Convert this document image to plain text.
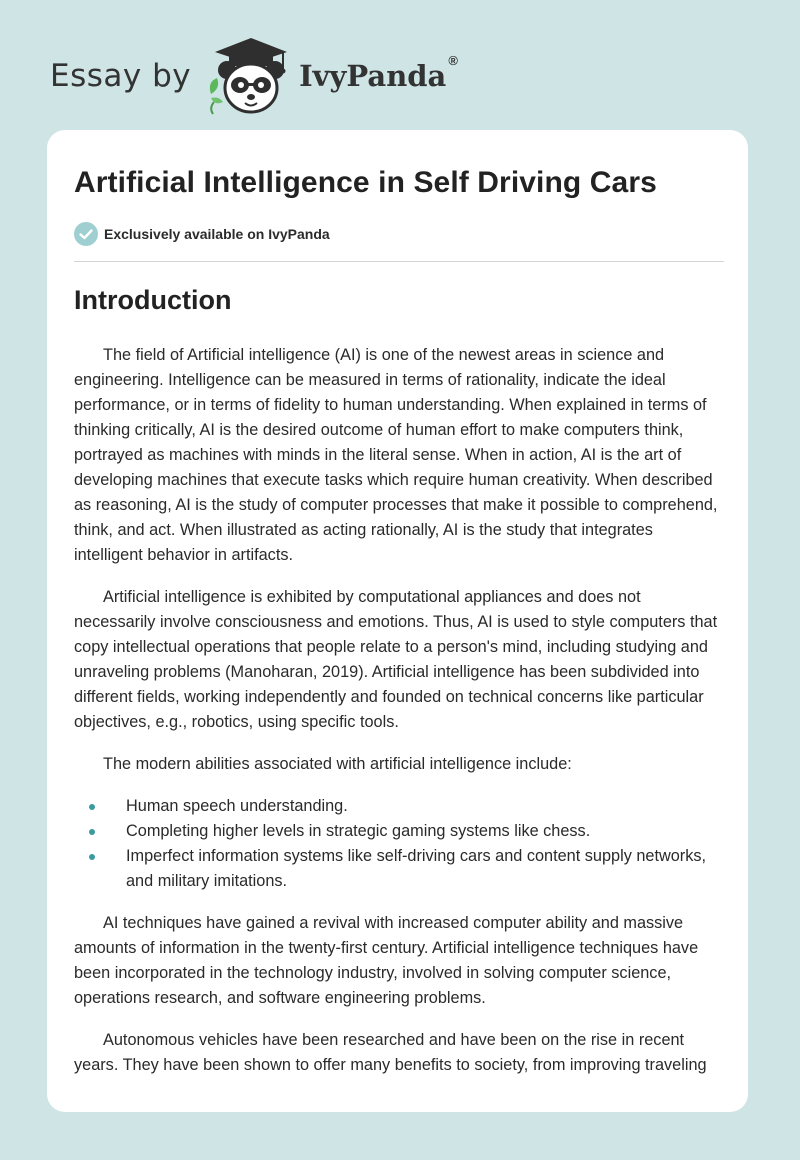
Essay by	IvyPanda ®
Artificial Intelligence in Self Driving Cars
Exclusively available on IvyPanda
Introduction

The field of Artificial intelligence (AI) is one of the newest areas in science and engineering. Intelligence can be measured in terms of rationality, indicate the ideal performance, or in terms of fidelity to human understanding. When explained in terms of thinking critically, AI is the desired outcome of human effort to make computers think, portrayed as machines with minds in the literal sense. When in action, AI is the art of developing machines that execute tasks which require human creativity. When described as reasoning, AI is the study of computer processes that make it possible to comprehend, think, and act. When illustrated as acting rationally, AI is the study that integrates intelligent behavior in artifacts.

Artificial intelligence is exhibited by computational appliances and does not necessarily involve consciousness and emotions. Thus, AI is used to style computers that copy intellectual operations that people relate to a person's mind, including studying and unraveling problems (Manoharan, 2019). Artificial intelligence has been subdivided into different fields, working independently and founded on technical concerns like particular objectives, e.g., robotics, using specific tools.

The modern abilities associated with artificial intelligence include:

Human speech understanding.
Completing higher levels in strategic gaming systems like chess.
Imperfect information systems like self-driving cars and content supply networks, and military imitations.

AI techniques have gained a revival with increased computer ability and massive amounts of information in the twenty-first century. Artificial intelligence techniques have been incorporated in the technology industry, involved in solving computer science, operations research, and software engineering problems.

Autonomous vehicles have been researched and have been on the rise in recent years. They have been shown to offer many benefits to society, from improving traveling
